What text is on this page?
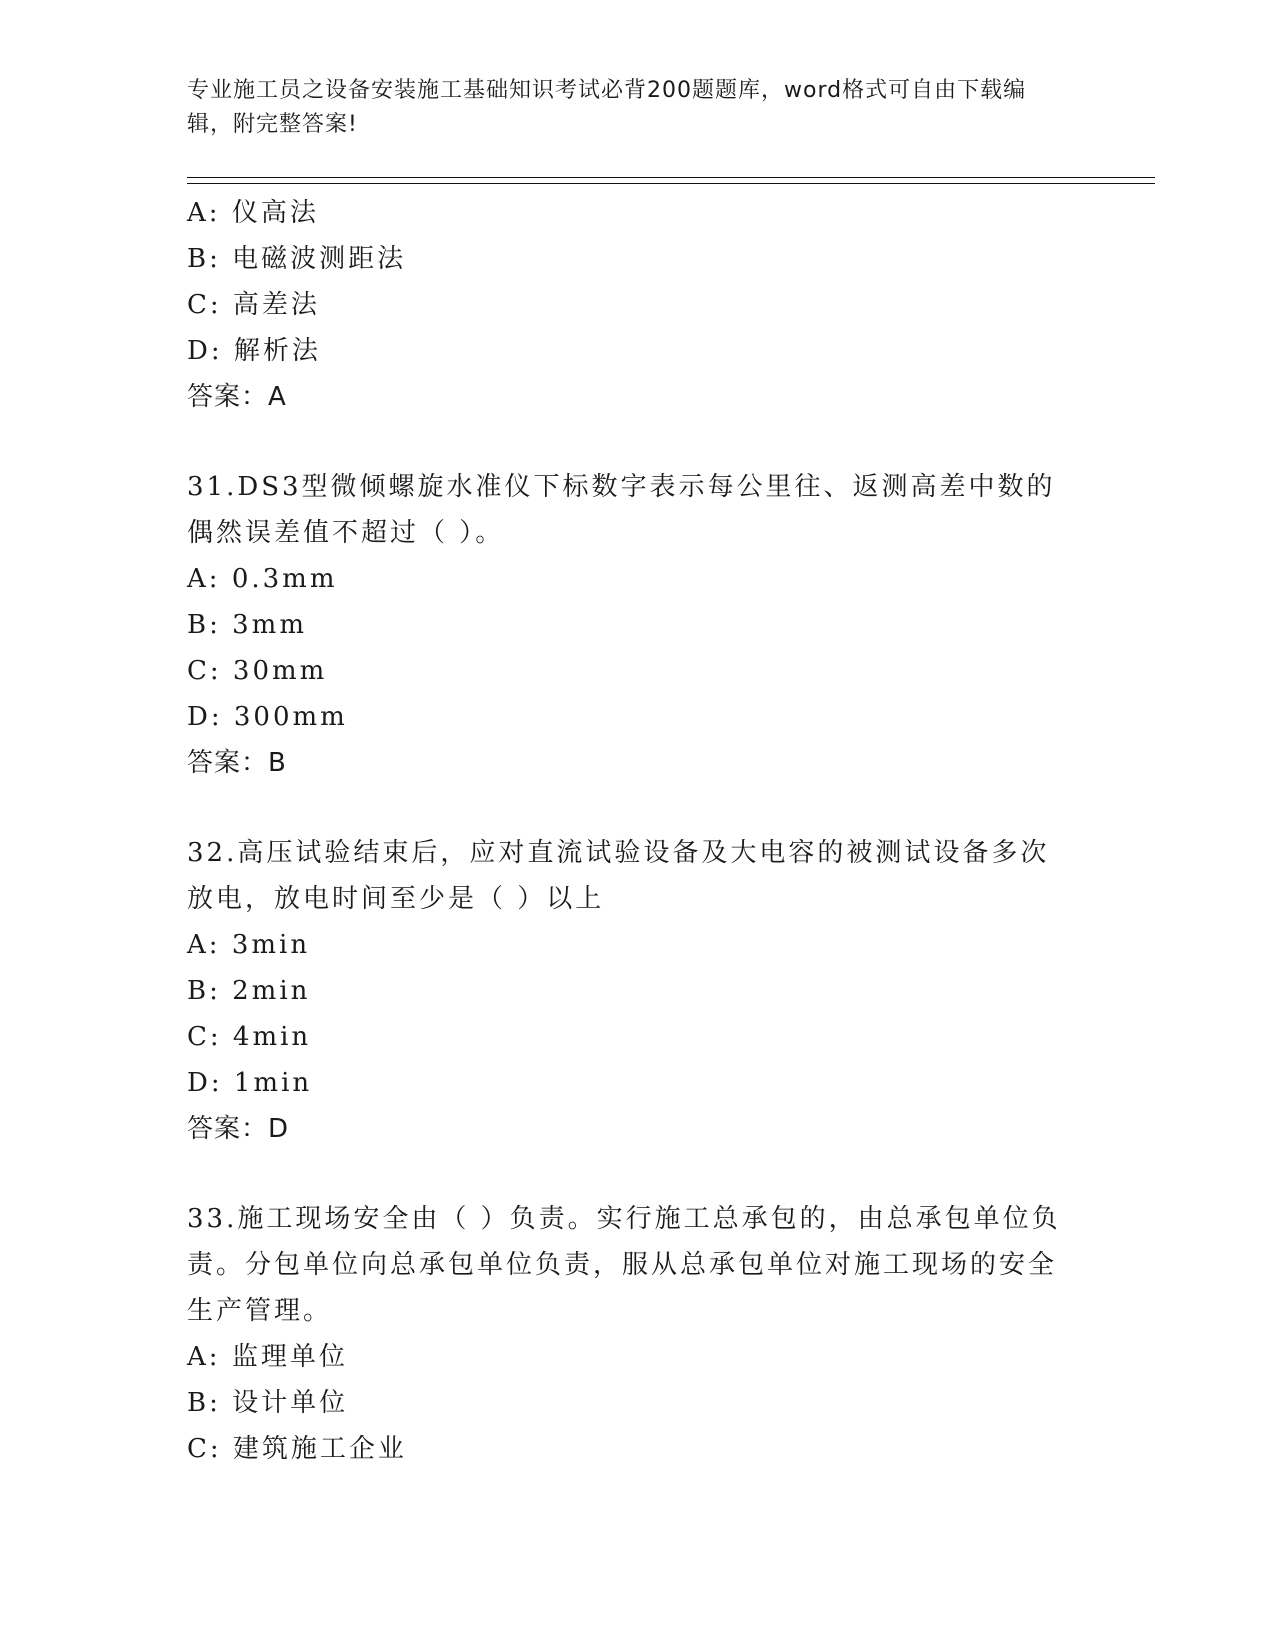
专业施工员之设备安装施工基础知识考试必背200题题库，word格式可自由下载编辑，附完整答案!
A: 仪高法
B: 电磁波测距法
C: 高差法
D: 解析法
答案：A
31.DS3型微倾螺旋水准仪下标数字表示每公里往、返测高差中数的偶然误差值不超过（ ）。
A: 0.3mm
B: 3mm
C: 30mm
D: 300mm
答案：B
32.高压试验结束后，应对直流试验设备及大电容的被测试设备多次放电，放电时间至少是（ ）以上
A: 3min
B: 2min
C: 4min
D: 1min
答案：D
33.施工现场安全由（ ）负责。实行施工总承包的，由总承包单位负责。分包单位向总承包单位负责，服从总承包单位对施工现场的安全生产管理。
A: 监理单位
B: 设计单位
C: 建筑施工企业
